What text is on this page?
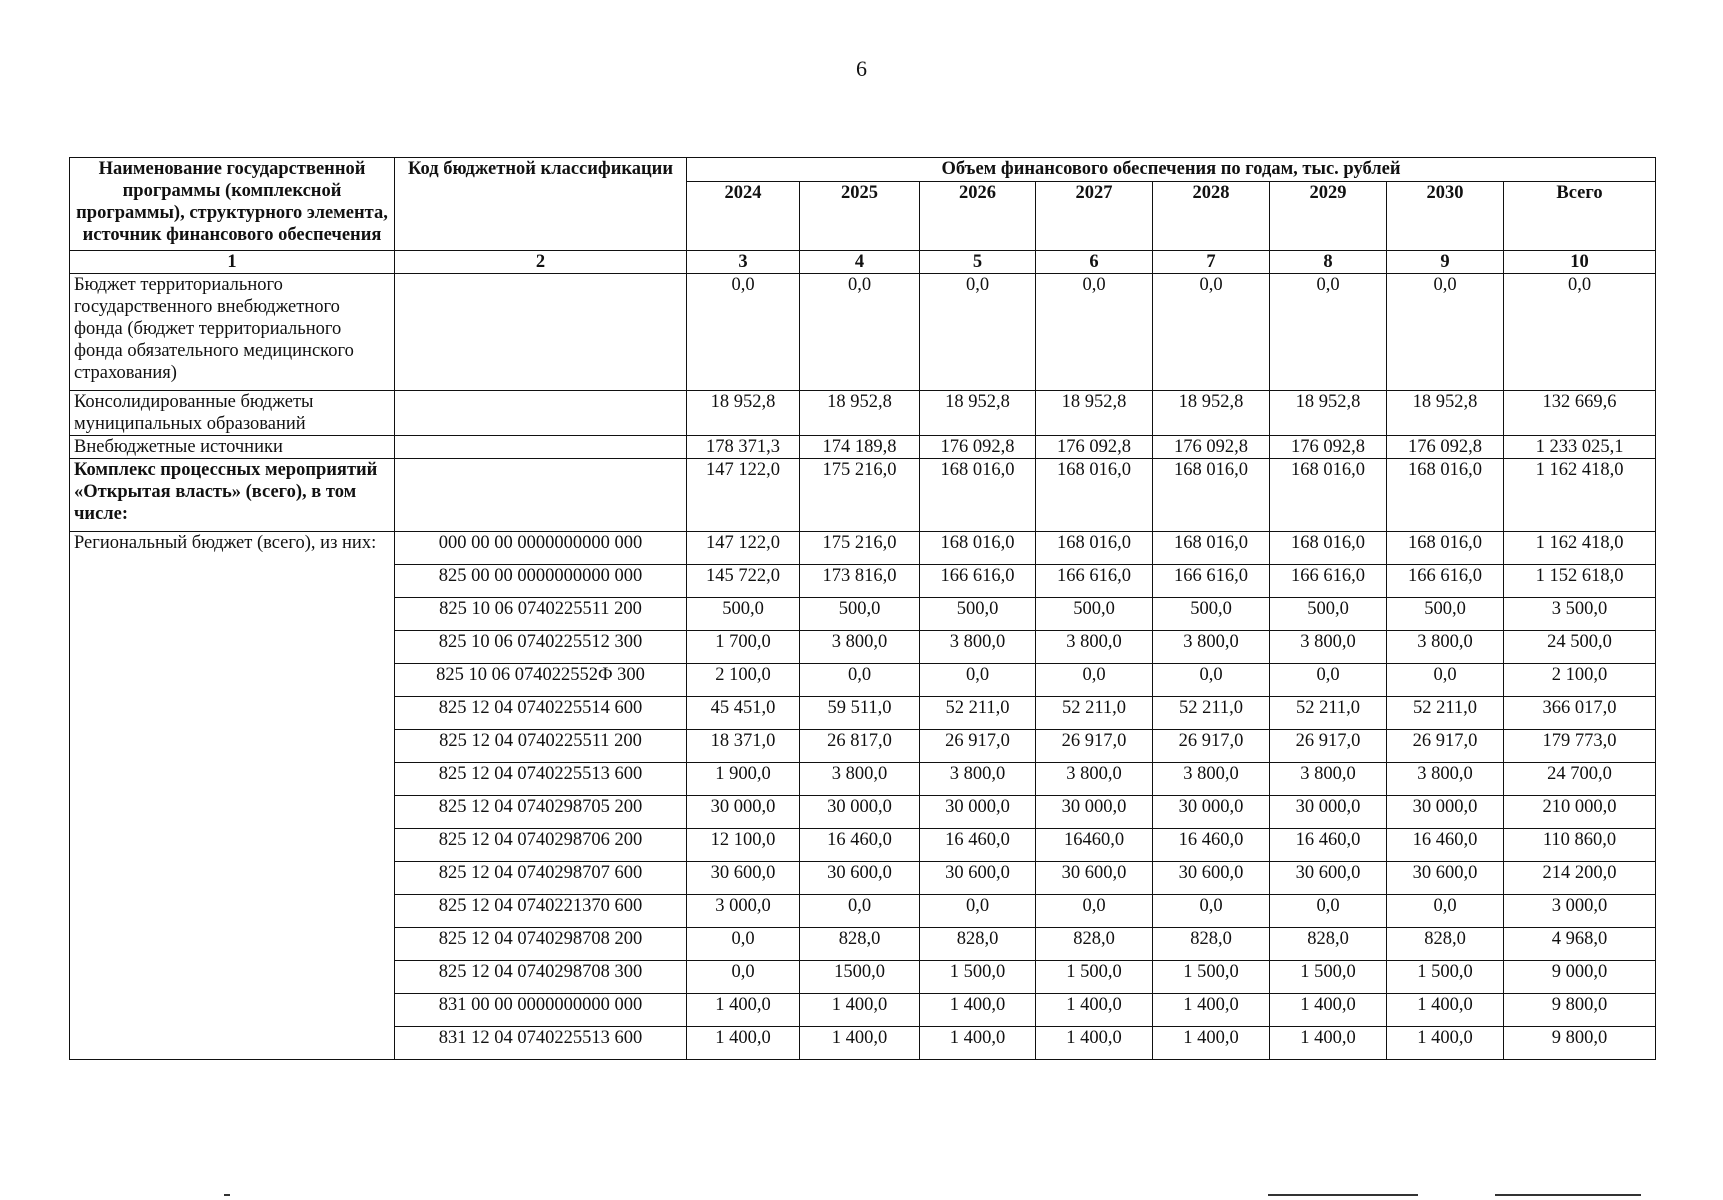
6
Наименование государственной программы (комплексной программы), структурного элемента, источник финансового обеспечения	Код бюджетной классификации	Объем финансового обеспечения по годам, тыс. рублей							
		2024	2025	2026	2027	2028	2029	2030	Всего
1	2	3	4	5	6	7	8	9	10
Бюджет территориального государственного внебюджетного фонда (бюджет территориального фонда обязательного медицинского страхования)		0,0	0,0	0,0	0,0	0,0	0,0	0,0	0,0
Консолидированные бюджеты муниципальных образований		18 952,8	18 952,8	18 952,8	18 952,8	18 952,8	18 952,8	18 952,8	132 669,6
Внебюджетные источники		178 371,3	174 189,8	176 092,8	176 092,8	176 092,8	176 092,8	176 092,8	1 233 025,1
Комплекс процессных мероприятий «Открытая власть» (всего), в том числе:		147 122,0	175 216,0	168 016,0	168 016,0	168 016,0	168 016,0	168 016,0	1 162 418,0
Региональный бюджет (всего), из них:	000 00 00 0000000000 000	147 122,0	175 216,0	168 016,0	168 016,0	168 016,0	168 016,0	168 016,0	1 162 418,0
	825 00 00 0000000000 000	145 722,0	173 816,0	166 616,0	166 616,0	166 616,0	166 616,0	166 616,0	1 152 618,0
	825 10 06 0740225511 200	500,0	500,0	500,0	500,0	500,0	500,0	500,0	3 500,0
	825 10 06 0740225512 300	1 700,0	3 800,0	3 800,0	3 800,0	3 800,0	3 800,0	3 800,0	24 500,0
	825 10 06 074022552Ф 300	2 100,0	0,0	0,0	0,0	0,0	0,0	0,0	2 100,0
	825 12 04 0740225514 600	45 451,0	59 511,0	52 211,0	52 211,0	52 211,0	52 211,0	52 211,0	366 017,0
	825 12 04 0740225511 200	18 371,0	26 817,0	26 917,0	26 917,0	26 917,0	26 917,0	26 917,0	179 773,0
	825 12 04 0740225513 600	1 900,0	3 800,0	3 800,0	3 800,0	3 800,0	3 800,0	3 800,0	24 700,0
	825 12 04 0740298705 200	30 000,0	30 000,0	30 000,0	30 000,0	30 000,0	30 000,0	30 000,0	210 000,0
	825 12 04 0740298706 200	12 100,0	16 460,0	16 460,0	16460,0	16 460,0	16 460,0	16 460,0	110 860,0
	825 12 04 0740298707 600	30 600,0	30 600,0	30 600,0	30 600,0	30 600,0	30 600,0	30 600,0	214 200,0
	825 12 04 0740221370 600	3 000,0	0,0	0,0	0,0	0,0	0,0	0,0	3 000,0
	825 12 04 0740298708 200	0,0	828,0	828,0	828,0	828,0	828,0	828,0	4 968,0
	825 12 04 0740298708 300	0,0	1500,0	1 500,0	1 500,0	1 500,0	1 500,0	1 500,0	9 000,0
	831 00 00 0000000000 000	1 400,0	1 400,0	1 400,0	1 400,0	1 400,0	1 400,0	1 400,0	9 800,0
	831 12 04 0740225513 600	1 400,0	1 400,0	1 400,0	1 400,0	1 400,0	1 400,0	1 400,0	9 800,0
